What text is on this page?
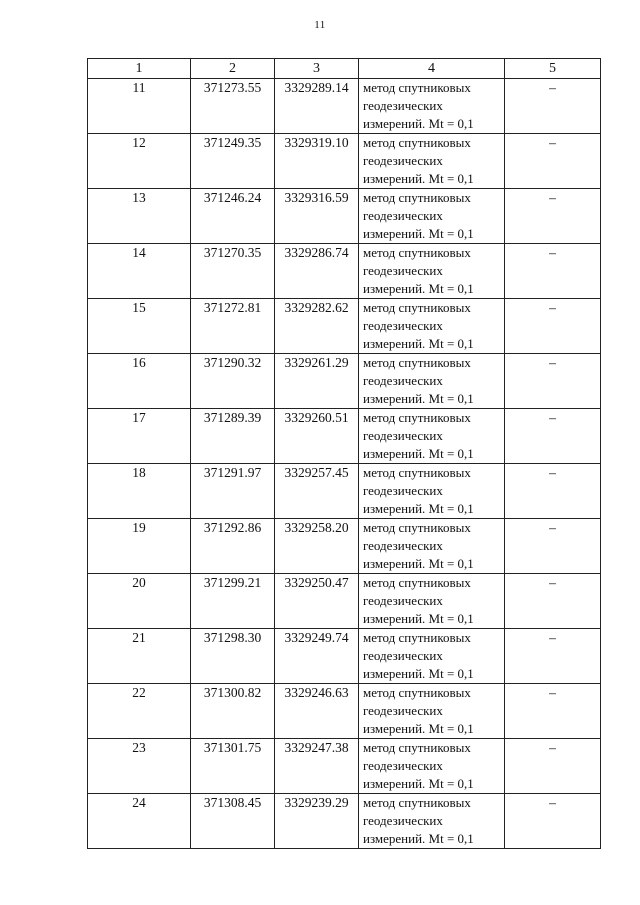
11
1	2	3	4	5
11	371273.55	3329289.14	метод спутниковых геодезических измерений. Mt = 0,1	–
12	371249.35	3329319.10	метод спутниковых геодезических измерений. Mt = 0,1	–
13	371246.24	3329316.59	метод спутниковых геодезических измерений. Mt = 0,1	–
14	371270.35	3329286.74	метод спутниковых геодезических измерений. Mt = 0,1	–
15	371272.81	3329282.62	метод спутниковых геодезических измерений. Mt = 0,1	–
16	371290.32	3329261.29	метод спутниковых геодезических измерений. Mt = 0,1	–
17	371289.39	3329260.51	метод спутниковых геодезических измерений. Mt = 0,1	–
18	371291.97	3329257.45	метод спутниковых геодезических измерений. Mt = 0,1	–
19	371292.86	3329258.20	метод спутниковых геодезических измерений. Mt = 0,1	–
20	371299.21	3329250.47	метод спутниковых геодезических измерений. Mt = 0,1	–
21	371298.30	3329249.74	метод спутниковых геодезических измерений. Mt = 0,1	–
22	371300.82	3329246.63	метод спутниковых геодезических измерений. Mt = 0,1	–
23	371301.75	3329247.38	метод спутниковых геодезических измерений. Mt = 0,1	–
24	371308.45	3329239.29	метод спутниковых геодезических измерений. Mt = 0,1	–
